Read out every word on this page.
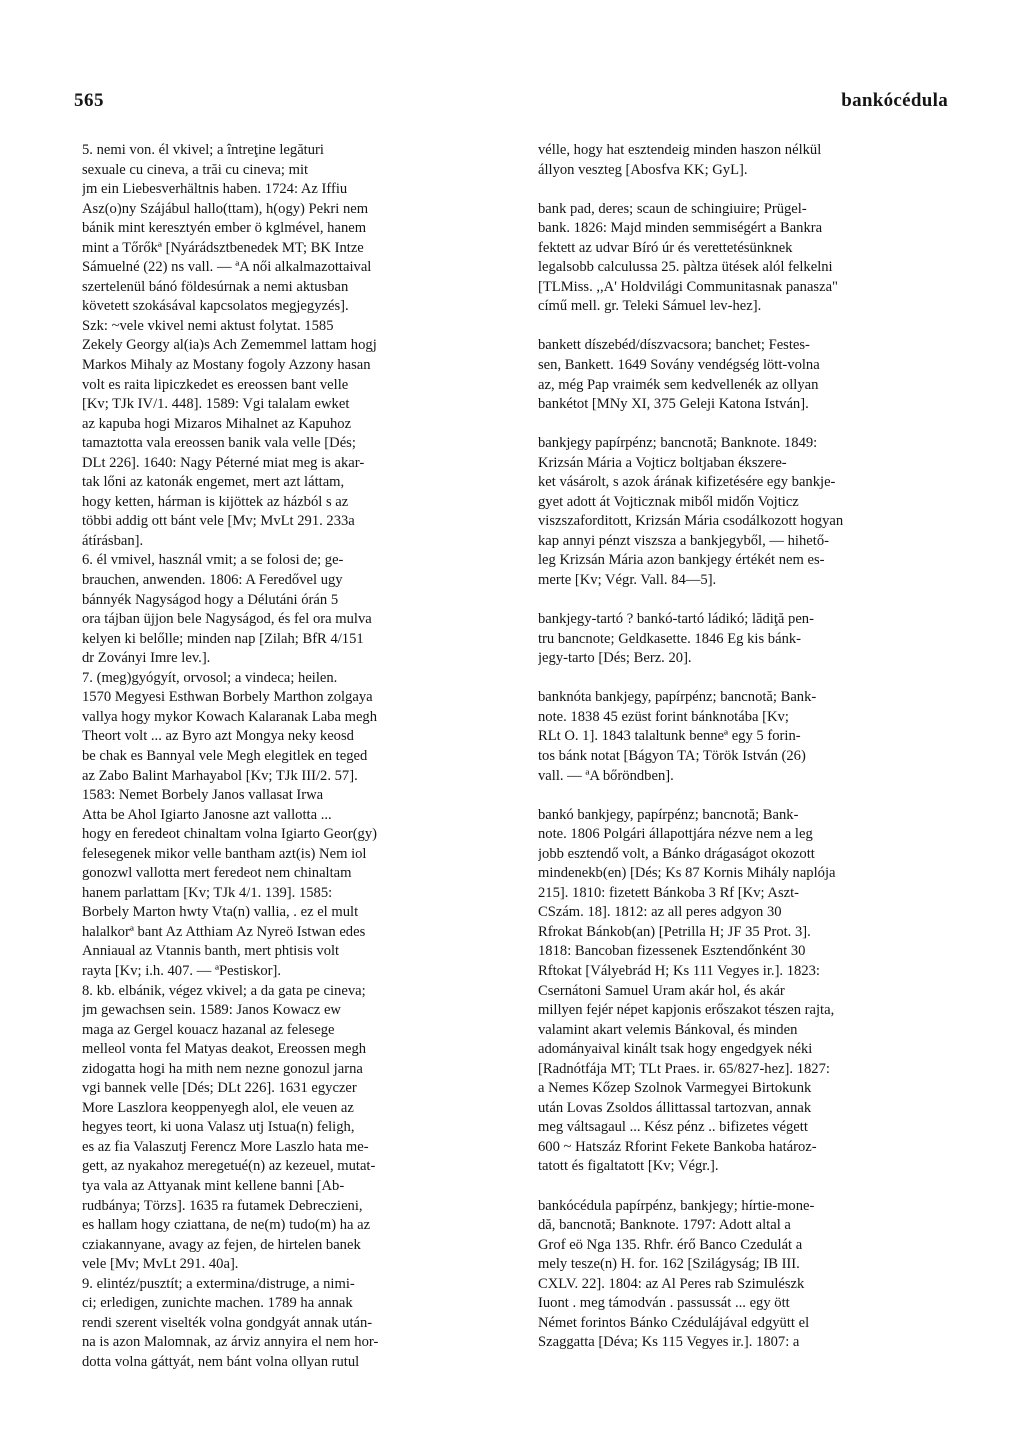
565	bankócédula
5. nemi von. él vkivel; a întreţine legături
sexuale cu cineva, a trăi cu cineva; mit
jm ein Liebesverhältnis haben. 1724: Az Iffiu
Asz(o)ny Szájábul hallo(ttam), h(ogy) Pekri nem
bánik mint keresztyén ember ö kglmével, hanem
mint a Tőrőkª [Nyárádsztbenedek MT; BK Intze
Sámuelné (22) ns vall. — ªA női alkalmazottaival
szertelenül bánó földesúrnak a nemi aktusban
követett szokásával kapcsolatos megjegyzés].
Szk: ~vele vkivel nemi aktust folytat. 1585
Zekely Georgy al(ia)s Ach Zememmel lattam hogj
Markos Mihaly az Mostany fogoly Azzony hasan
volt es raita lipiczkedet es ereossen bant velle
[Kv; TJk IV/1. 448]. 1589: Vgi talalam ewket
az kapuba hogi Mizaros Mihalnet az Kapuhoz
tamaztotta vala ereossen banik vala velle [Dés;
DLt 226]. 1640: Nagy Péterné miat meg is akar-
tak lőni az katonák engemet, mert azt láttam,
hogy ketten, hárman is kijöttek az házból s az
többi addig ott bánt vele [Mv; MvLt 291. 233a
átírásban].
6. él vmivel, használ vmit; a se folosi de; ge-
brauchen, anwenden. 1806: A Feredővel ugy
bánnyék Nagyságod hogy a Délutáni órán 5
ora tájban üjjon bele Nagyságod, és fel ora mulva
kelyen ki belőlle; minden nap [Zilah; BfR 4/151
dr Zoványi Imre lev.].
7. (meg)gyógyít, orvosol; a vindeca; heilen.
1570 Megyesi Esthwan Borbely Marthon zolgaya
vallya hogy mykor Kowach Kalaranak Laba megh
Theort volt ... az Byro azt Mongya neky keosd
be chak es Bannyal vele Megh elegitlek en teged
az Zabo Balint Marhayabol [Kv; TJk III/2. 57].
1583: Nemet Borbely Janos vallasat Irwa
Atta be Ahol Igiarto Janosne azt vallotta ...
hogy en feredeot chinaltam volna Igiarto Geor(gy)
felesegenek mikor velle bantham azt(is) Nem iol
gonozwl vallotta mert feredeot nem chinaltam
hanem parlattam [Kv; TJk 4/1. 139]. 1585:
Borbely Marton hwty Vta(n) vallia, . ez el mult
halalkorª bant Az Atthiam Az Nyreö Istwan edes
Anniaual az Vtannis banth, mert phtisis volt
rayta [Kv; i.h. 407. — ªPestiskor].
8. kb. elbánik, végez vkivel; a da gata pe cineva;
jm gewachsen sein. 1589: Janos Kowacz ew
maga az Gergel kouacz hazanal az felesege
melleol vonta fel Matyas deakot, Ereossen megh
zidogatta hogi ha mith nem nezne gonozul jarna
vgi bannek velle [Dés; DLt 226]. 1631 egyczer
More Laszlora keoppenyegh alol, ele veuen az
hegyes teort, ki uona Valasz utj Istua(n) feligh,
es az fia Valaszutj Ferencz More Laszlo hata me-
gett, az nyakahoz meregetué(n) az kezeuel, mutat-
tya vala az Attyanak mint kellene banni [Ab-
rudbánya; Törzs]. 1635 ra futamek Debreczieni,
es hallam hogy cziattana, de ne(m) tudo(m) ha az
cziakannyane, avagy az fejen, de hirtelen banek
vele [Mv; MvLt 291. 40a].
9. elintéz/pusztít; a extermina/distruge, a nimi-
ci; erledigen, zunichte machen. 1789 ha annak
rendi szerent viselték volna gondgyát annak után-
na is azon Malomnak, az árviz annyira el nem hor-
dotta volna gáttyát, nem bánt volna ollyan rutul
vélle, hogy hat esztendeig minden haszon nélkül
állyon veszteg [Abosfva KK; GyL].
bank pad, deres; scaun de schingiuire; Prügel-
bank. 1826: Majd minden semmiségért a Bankra
fektett az udvar Bíró úr és verettetésünknek
legalsobb calculussa 25. pàltza ütések alól felkelni
[TLMiss. ,,A' Holdvilági Communitasnak panasza"
című mell. gr. Teleki Sámuel lev-hez].
bankett díszebéd/díszvacsora; banchet; Festes-
sen, Bankett. 1649 Sovány vendégség lött-volna
az, még Pap vraimék sem kedvellenék az ollyan
bankétot [MNy XI, 375 Geleji Katona István].
bankjegy papírpénz; bancnotă; Banknote. 1849:
Krizsán Mária a Vojticz boltjaban ékszere-
ket vásárolt, s azok árának kifizetésére egy bankje-
gyet adott át Vojticznak miből midőn Vojticz
viszszaforditott, Krizsán Mária csodálkozott hogyan
kap annyi pénzt viszsza a bankjegyből, — hihető-
leg Krizsán Mária azon bankjegy értékét nem es-
merte [Kv; Végr. Vall. 84—5].
bankjegy-tartó ? bankó-tartó ládikó; lădiţă pen-
tru bancnote; Geldkasette. 1846 Eg kis bánk-
jegy-tarto [Dés; Berz. 20].
banknóta bankjegy, papírpénz; bancnotă; Bank-
note. 1838 45 ezüst forint bánknotába [Kv;
RLt O. 1]. 1843 talaltunk bennеª egy 5 forin-
tos bánk notat [Bágyon TA; Török István (26)
vall. — ªA bőröndben].
bankó bankjegy, papírpénz; bancnotă; Bank-
note. 1806 Polgári állapottjára nézve nem a leg
jobb esztendő volt, a Bánko drágaságot okozott
mindenekb(en) [Dés; Ks 87 Kornis Mihály naplója
215]. 1810: fizetett Bánkoba 3 Rf [Kv; Aszt-
CSzám. 18]. 1812: az all peres adgyon 30
Rfrokat Bánkob(an) [Petrilla H; JF 35 Prot. 3].
1818: Bancoban fizessenek Esztendőnként 30
Rftokat [Vályebrád H; Ks 111 Vegyes ir.]. 1823:
Csernátoni Samuel Uram akár hol, és akár
millyen fejér népet kapjonis erőszakot tészen rajta,
valamint akart velemis Bánkoval, és minden
adományaival kinált tsak hogy engedgyek néki
[Radnótfája MT; TLt Praes. ir. 65/827-hez]. 1827:
a Nemes Kőzep Szolnok Varmegyei Birtokunk
után Lovas Zsoldos állittassal tartozvan, annak
meg váltsagaul ... Kész pénz .. bifizetes végett
600 ~ Hatszáz Rforint Fekete Bankoba határoz-
tatott és figaltatott [Kv; Végr.].
bankócédula papírpénz, bankjegy; hírtie-mone-
dă, bancnotă; Banknote. 1797: Adott altal a
Grof eö Nga 135. Rhfr. érő Banco Czedulát a
mely tesze(n) H. for. 162 [Szilágyság; IB III.
CXLV. 22]. 1804: az Al Peres rab Szimulészk
Iuont . meg támodván . passussát ... egy ött
Német forintos Bánko Czédulájával edgyütt el
Szaggatta [Déva; Ks 115 Vegyes ir.]. 1807: a
